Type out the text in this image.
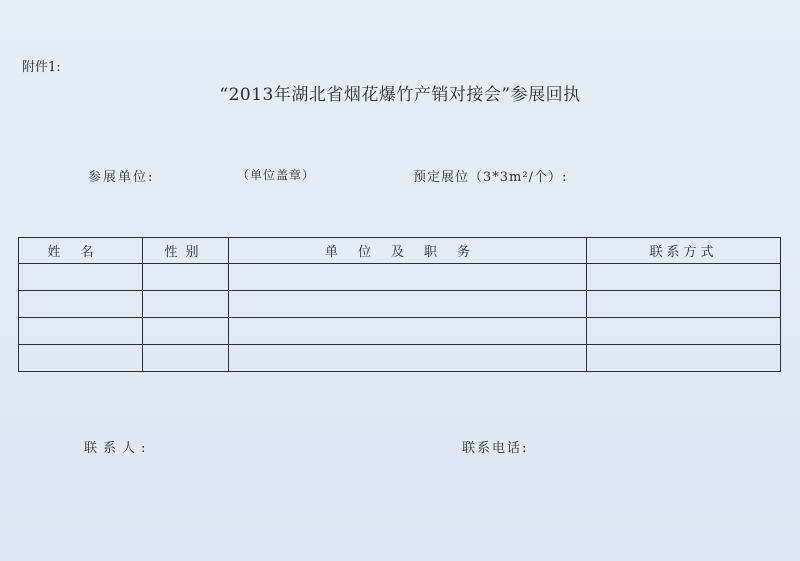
附件1:
“2013年湖北省烟花爆竹产销对接会”参展回执
参展单位:	（单位盖章）	预定展位（3*3m²/个）:
姓名	性别	单位及职务	联系方式

联系人:	联系电话:
